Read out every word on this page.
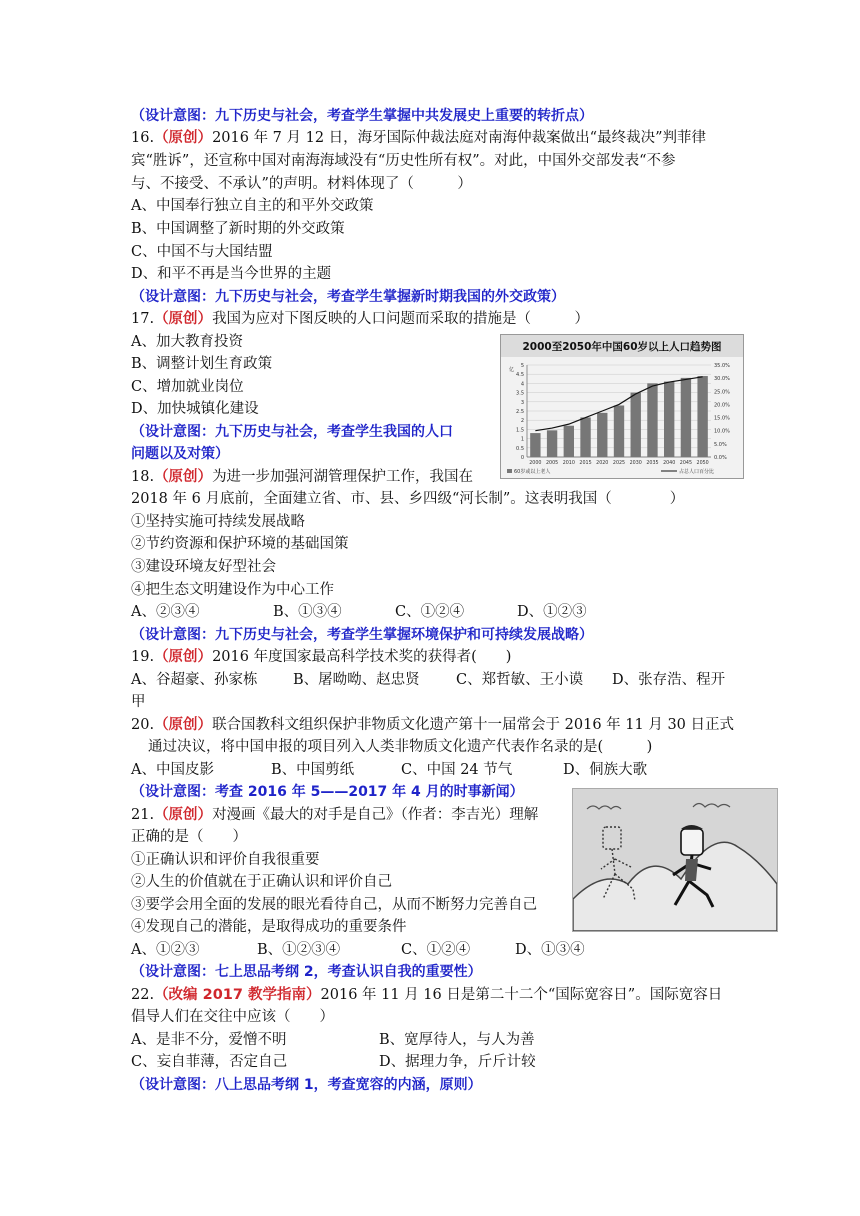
（设计意图：九下历史与社会，考查学生掌握中共发展史上重要的转折点）
16.（原创）2016 年 7 月 12 日，海牙国际仲裁法庭对南海仲裁案做出“最终裁决”判菲律
宾“胜诉”，还宣称中国对南海海域没有“历史性所有权”。对此，中国外交部发表“不参
与、不接受、不承认”的声明。材料体现了（　　　）
A、中国奉行独立自主的和平外交政策
B、中国调整了新时期的外交政策
C、中国不与大国结盟
D、和平不再是当今世界的主题
（设计意图：九下历史与社会，考查学生掌握新时期我国的外交政策）
17.（原创）我国为应对下图反映的人口问题而采取的措施是（　　　）
A、加大教育投资
B、调整计划生育政策
C、增加就业岗位
D、加快城镇化建设
（设计意图：九下历史与社会，考查学生我国的人口
问题以及对策）
2000至2050年中国60岁以上人口趋势图
5
4.5
4
3.5
3
2.5
2
1.5
1
0.5
0
35.0%
30.0%
25.0%
20.0%
15.0%
10.0%
5.0%
0.0%
2000 2005 2010 2015 2020 2025 2030 2035 2040 2045 2050
亿
60岁或以上老人	占总人口百分比
18.（原创）为进一步加强河湖管理保护工作，我国在
2018 年 6 月底前，全面建立省、市、县、乡四级“河长制”。这表明我国（　　　　）
①坚持实施可持续发展战略
②节约资源和保护环境的基础国策
③建设环境友好型社会
④把生态文明建设作为中心工作
A、②③④	B、①③④	C、①②④	D、①②③
（设计意图：九下历史与社会，考查学生掌握环境保护和可持续发展战略）
19.（原创）2016 年度国家最高科学技术奖的获得者(　　)
A、谷超豪、孙家栋 B、屠呦呦、赵忠贤	C、郑哲敏、王小谟 D、张存浩、程开
甲
20.（原创）联合国教科文组织保护非物质文化遗产第十一届常会于 2016 年 11 月 30 日正式
通过决议，将中国申报的项目列入人类非物质文化遗产代表作名录的是(　　　)
A、中国皮影	B、中国剪纸	C、中国 24 节气	D、侗族大歌
（设计意图：考查 2016 年 5——2017 年 4 月的时事新闻）
21.（原创）对漫画《最大的对手是自己》（作者：李吉光）理解
正确的是（　　）
①正确认识和评价自我很重要
②人生的价值就在于正确认识和评价自己
③要学会用全面的发展的眼光看待自己，从而不断努力完善自己
④发现自己的潜能，是取得成功的重要条件
A、①②③	B、①②③④	C、①②④	D、①③④
（设计意图：七上思品考纲 2，考查认识自我的重要性）
22.（改编 2017 教学指南）2016 年 11 月 16 日是第二十二个“国际宽容日”。国际宽容日
倡导人们在交往中应该（　　）
A、是非不分，爱憎不明	B、宽厚待人，与人为善
C、妄自菲薄，否定自己	D、据理力争，斤斤计较
（设计意图：八上思品考纲 1，考查宽容的内涵，原则）
